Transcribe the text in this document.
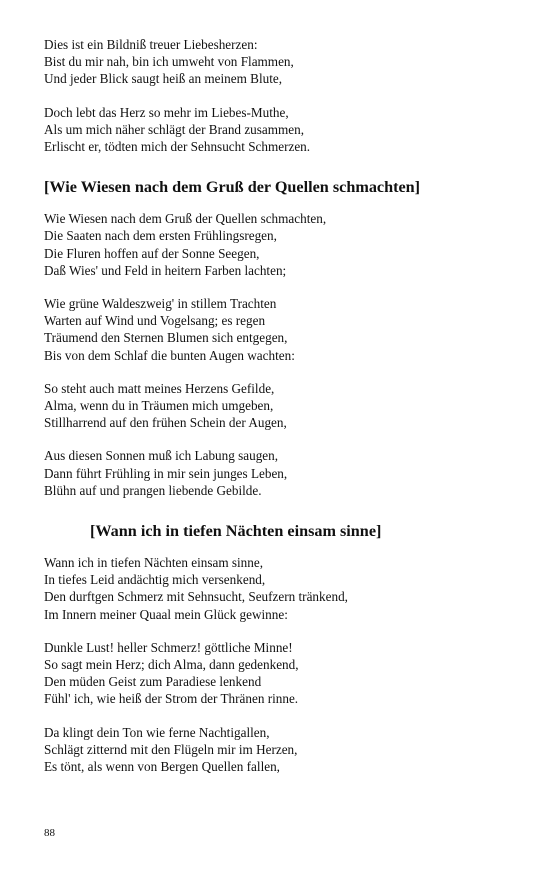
Dies ist ein Bildniß treuer Liebesherzen:
Bist du mir nah, bin ich umweht von Flammen,
Und jeder Blick saugt heiß an meinem Blute,
Doch lebt das Herz so mehr im Liebes-Muthe,
Als um mich näher schlägt der Brand zusammen,
Erlischt er, tödten mich der Sehnsucht Schmerzen.
[Wie Wiesen nach dem Gruß der Quellen schmachten]
Wie Wiesen nach dem Gruß der Quellen schmachten,
Die Saaten nach dem ersten Frühlingsregen,
Die Fluren hoffen auf der Sonne Seegen,
Daß Wies' und Feld in heitern Farben lachten;
Wie grüne Waldeszweig' in stillem Trachten
Warten auf Wind und Vogelsang; es regen
Träumend den Sternen Blumen sich entgegen,
Bis von dem Schlaf die bunten Augen wachten:
So steht auch matt meines Herzens Gefilde,
Alma, wenn du in Träumen mich umgeben,
Stillharrend auf den frühen Schein der Augen,
Aus diesen Sonnen muß ich Labung saugen,
Dann führt Frühling in mir sein junges Leben,
Blühn auf und prangen liebende Gebilde.
[Wann ich in tiefen Nächten einsam sinne]
Wann ich in tiefen Nächten einsam sinne,
In tiefes Leid andächtig mich versenkend,
Den durftgen Schmerz mit Sehnsucht, Seufzern tränkend,
Im Innern meiner Quaal mein Glück gewinne:
Dunkle Lust! heller Schmerz! göttliche Minne!
So sagt mein Herz; dich Alma, dann gedenkend,
Den müden Geist zum Paradiese lenkend
Fühl' ich, wie heiß der Strom der Thränen rinne.
Da klingt dein Ton wie ferne Nachtigallen,
Schlägt zitternd mit den Flügeln mir im Herzen,
Es tönt, als wenn von Bergen Quellen fallen,
88
